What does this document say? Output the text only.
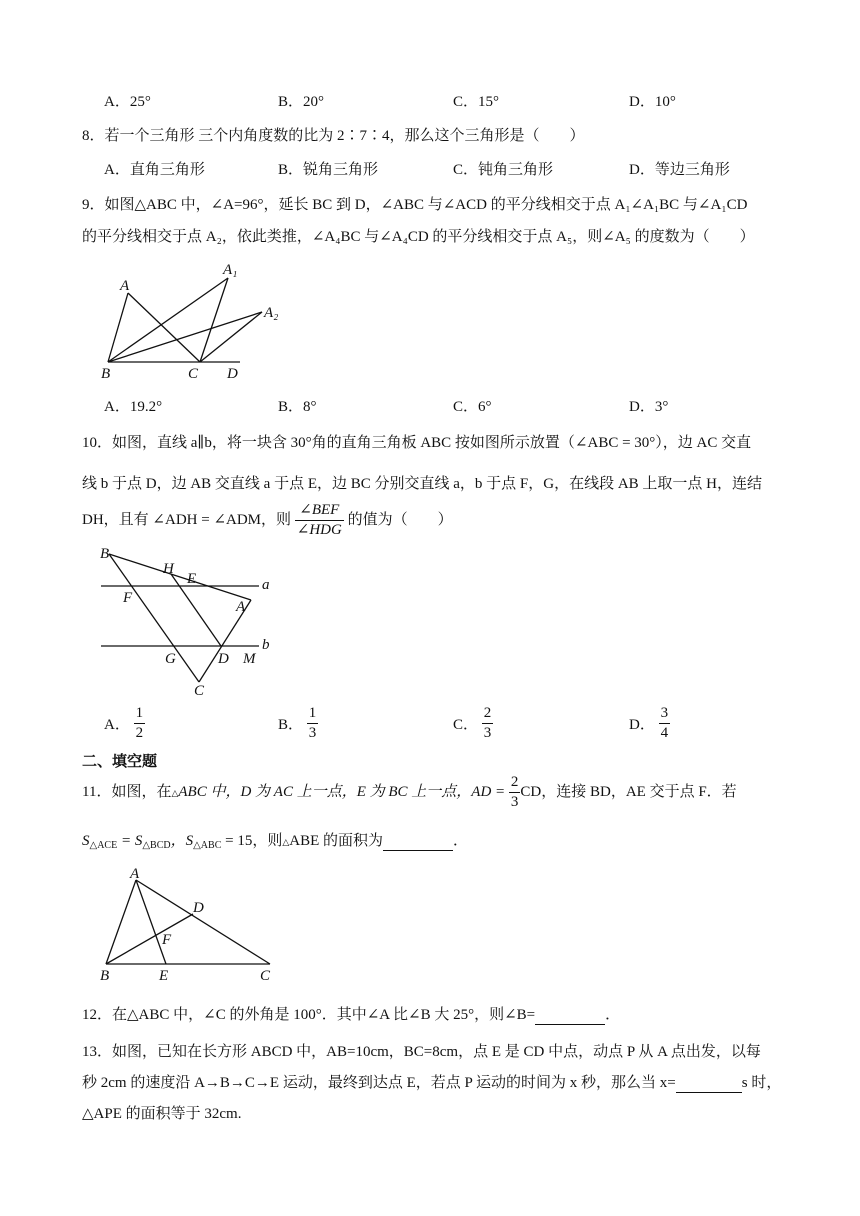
A．25°	B．20°	C．15°	D．10°
8．若一个三角形 三个内角度数的比为 2∶7∶4，那么这个三角形是（　　）
A．直角三角形	B．锐角三角形	C．钝角三角形	D．等边三角形
9．如图△ABC 中，∠A=96°，延长 BC 到 D，∠ABC 与∠ACD 的平分线相交于点 A₁∠A₁BC 与∠A₁CD
的平分线相交于点 A₂，依此类推，∠A₄BC 与∠A₄CD 的平分线相交于点 A₅，则∠A₅ 的度数为（　　）
A
A₁
A₂
B	C D
A．19.2°	B．8°	C．6°	D．3°
10．如图，直线 a∥b，将一块含 30°角的直角三角板 ABC 按如图所示放置（∠ABC = 30°），边 AC 交直
线 b 于点 D，边 AB 交直线 a 于点 E，边 BC 分别交直线 a，b 于点 F，G，在线段 AB 上取一点 H，连结
DH，且有 ∠ADH = ∠ADM，则 $\frac{\text{∠BEF}}{\text{∠HDG}}$ 的值为（　　）
B
H
E	a
F
A
b
G	D M
C
A． $\frac{1}{2}$	B． $\frac{1}{3}$	C． $\frac{2}{3}$	D． $\frac{3}{4}$
二、填空题
11．如图，在△ABC 中，D 为 AC 上一点，E 为 BC 上一点，AD = $\frac{2}{3}$ CD，连接 BD，AE 交于点 F．若
$S_{\triangle ACE} = S_{\triangle BCD}$，$S_{\triangle ABC} = 15$，则△ABE 的面积为	．
A
D
F
B	E	C
12．在△ABC 中，∠C 的外角是 100°．其中∠A 比∠B 大 25°，则∠B=	．
13．如图，已知在长方形 ABCD 中，AB=10cm，BC=8cm，点 E 是 CD 中点，动点 P 从 A 点出发，以每
秒 2cm 的速度沿 A→B→C→E 运动，最终到达点 E，若点 P 运动的时间为 x 秒，那么当 x=	s 时，
△APE 的面积等于 32cm.
